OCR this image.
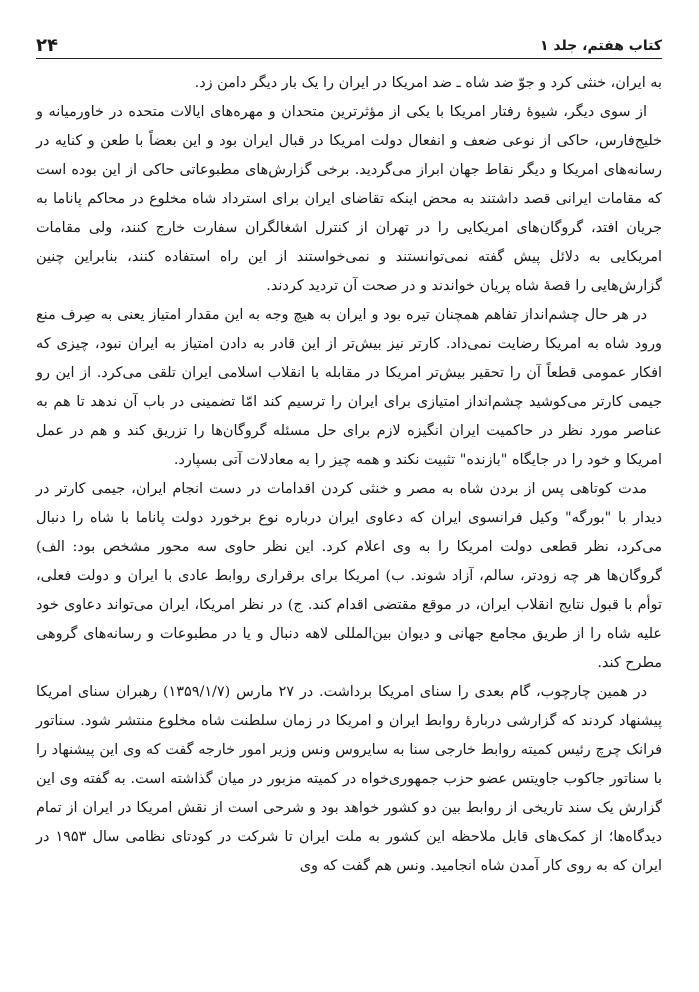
کتاب هفتم، جلد ۱
۲۴

به ایران، خنثی کرد و جوّ ضد شاه ـ ضد امریکا در ایران را یک بار دیگر دامن زد.

از سوی دیگر، شیوهٔ رفتار امریکا با یکی از مؤثرترین متحدان و مهره‌های ایالات متحده در خاورمیانه و خلیج‌فارس، حاکی از نوعی ضعف و انفعال دولت امریکا در قبال ایران بود و این بعضاً با طعن و کنایه در رسانه‌های امریکا و دیگر نقاط جهان ابراز می‌گردید. برخی گزارش‌های مطبوعاتی حاکی از این بوده است که مقامات ایرانی قصد داشتند به محض اینکه تقاضای ایران برای استرداد شاه مخلوع در محاکم پاناما به جریان افتد، گروگان‌های امریکایی را در تهران از کنترل اشغالگران سفارت خارج کنند، ولی مقامات امریکایی به دلائل پیش گفته نمی‌توانستند و نمی‌خواستند از این راه استفاده کنند، بنابراین چنین گزارش‌هایی را قصهٔ شاه پریان خواندند و در صحت آن تردید کردند.

در هر حال چشم‌انداز تفاهم همچنان تیره بود و ایران به هیچ وجه به این مقدار امتیاز یعنی به صِرف منع ورود شاه به امریکا رضایت نمی‌داد. کارتر نیز بیش‌تر از این قادر به دادن امتیاز به ایران نبود، چیزی که افکار عمومی قطعاً آن را تحقیر بیش‌تر امریکا در مقابله با انقلاب اسلامی ایران تلقی می‌کرد. از این رو جیمی کارتر می‌کوشید چشم‌انداز امتیازی برای ایران را ترسیم کند امّا تضمینی در باب آن ندهد تا هم به عناصر مورد نظر در حاکمیت ایران انگیزه لازم برای حل مسئله گروگان‌ها را تزریق کند و هم در عمل امریکا و خود را در جایگاه "بازنده" تثبیت نکند و همه چیز را به معادلات آتی بسپارد.

مدت کوتاهی پس از بردن شاه به مصر و خنثی کردن اقدامات در دست انجام ایران، جیمی کارتر در دیدار با "بورگه" وکیل فرانسوی ایران که دعاوی ایران درباره نوع برخورد دولت پاناما با شاه را دنبال می‌کرد، نظر قطعی دولت امریکا را به وی اعلام کرد. این نظر حاوی سه محور مشخص بود: الف) گروگان‌ها هر چه زودتر، سالم، آزاد شوند. ب) امریکا برای برقراری روابط عادی با ایران و دولت فعلی، توأم با قبول نتایج انقلاب ایران، در موقع مقتضی اقدام کند. ج) در نظر امریکا، ایران می‌تواند دعاوی خود علیه شاه را از طریق مجامع جهانی و دیوان بین‌المللی لاهه دنبال و یا در مطبوعات و رسانه‌های گروهی مطرح کند.

در همین چارچوب، گام بعدی را سنای امریکا برداشت. در ۲۷ مارس (۱۳۵۹/۱/۷) رهبران سنای امریکا پیشنهاد کردند که گزارشی دربارهٔ روابط ایران و امریکا در زمان سلطنت شاه مخلوع منتشر شود. سناتور فرانک چرچ رئیس کمیته روابط خارجی سنا به سایروس ونس وزیر امور خارجه گفت که وی این پیشنهاد را با سناتور جاکوب جاویتس عضو حزب جمهوری‌خواه در کمیته مزبور در میان گذاشته است. به گفته وی این گزارش یک سند تاریخی از روابط بین دو کشور خواهد بود و شرحی است از نقش امریکا در ایران از تمام دیدگاه‌ها؛ از کمک‌های قابل ملاحظه این کشور به ملت ایران تا شرکت در کودتای نظامی سال ۱۹۵۳ در ایران که به روی کار آمدن شاه انجامید. ونس هم گفت که وی
